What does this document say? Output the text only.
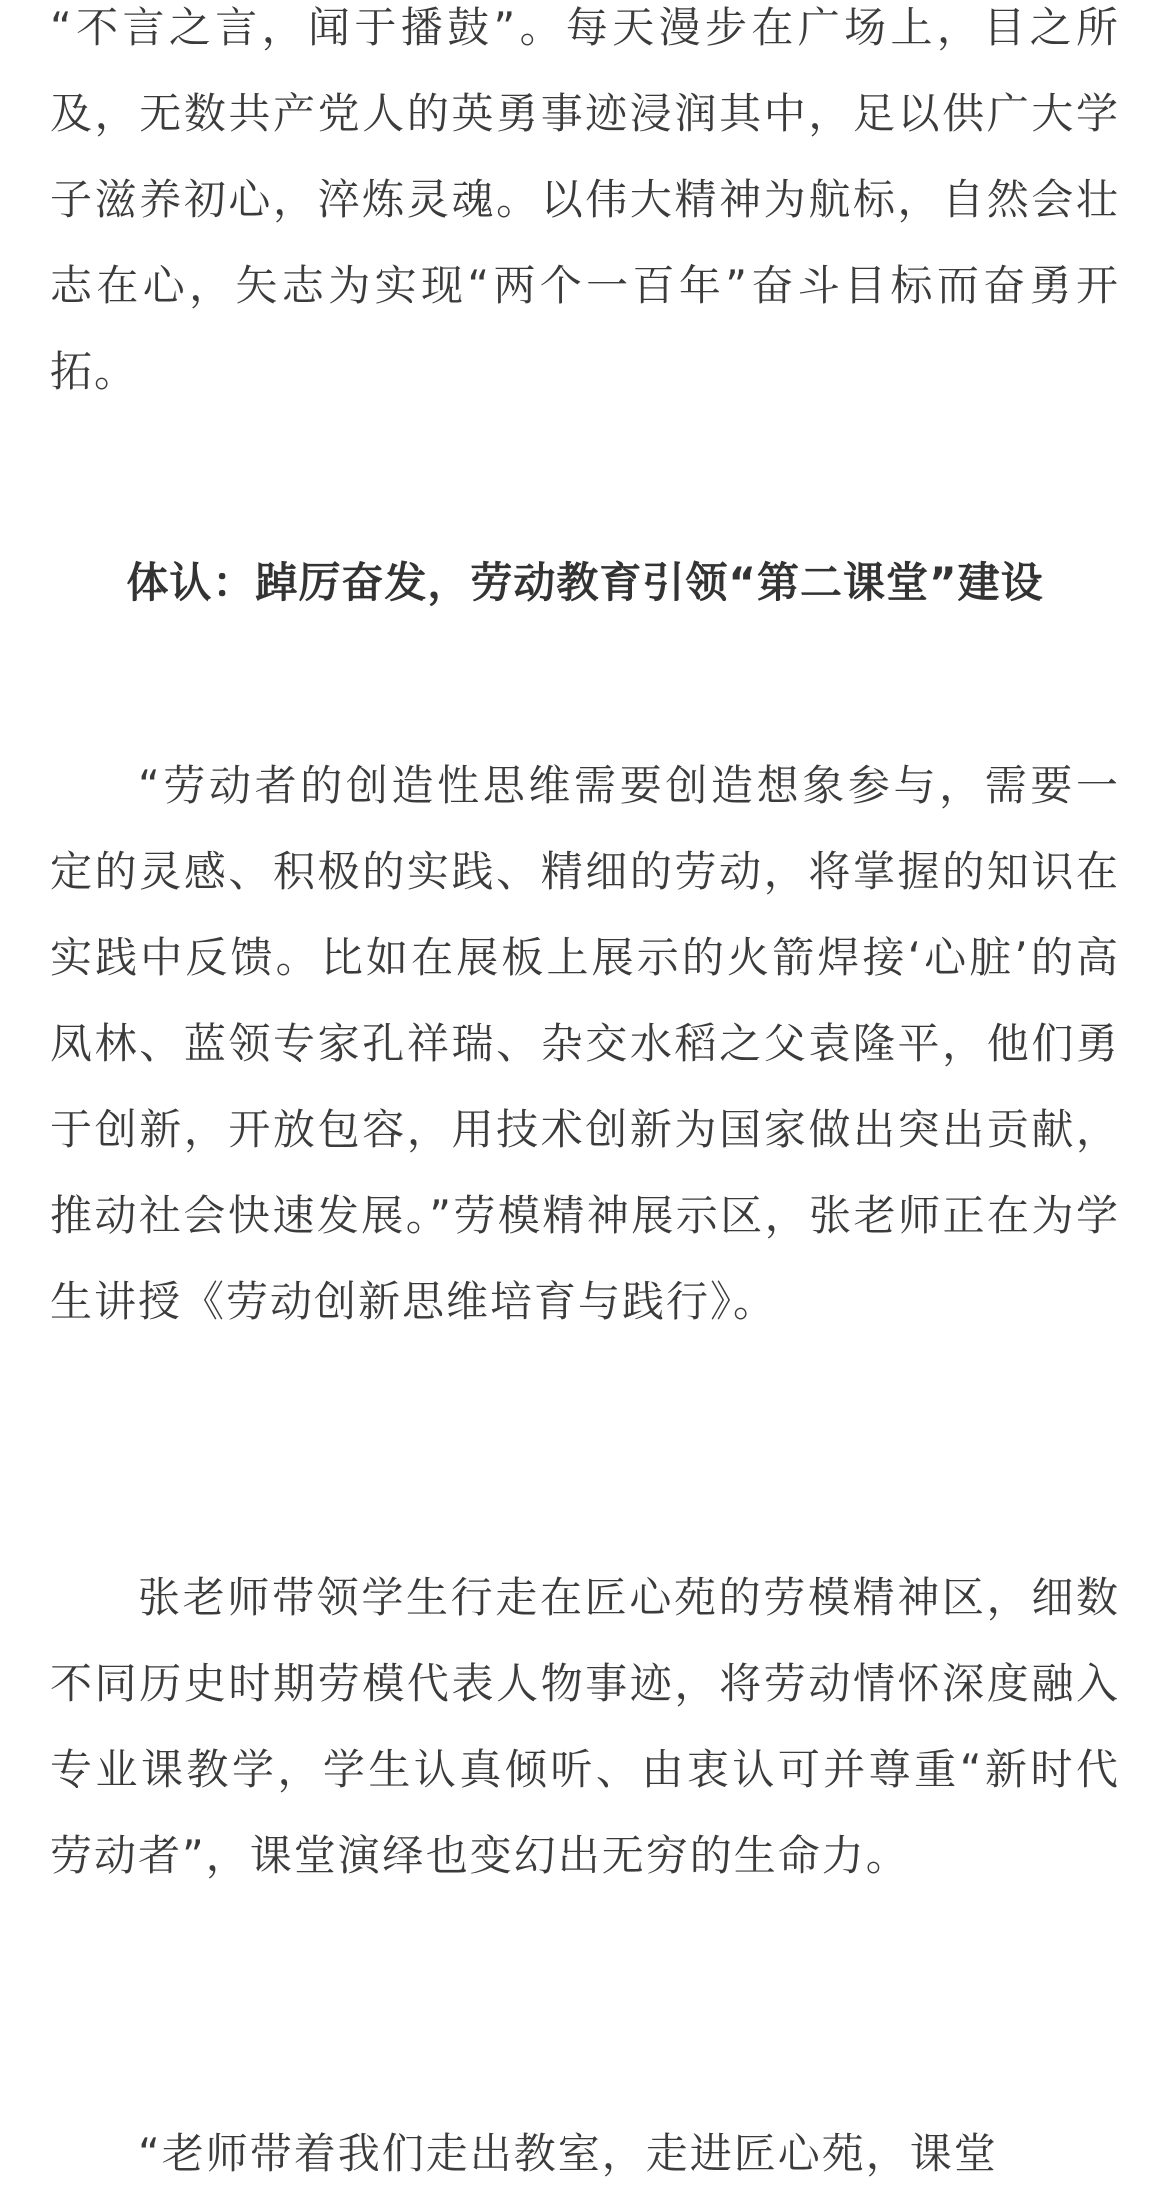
“不言之言，闻于播鼓”。每天漫步在广场上，目之所及，无数共产党人的英勇事迹浸润其中，足以供广大学子滋养初心，淬炼灵魂。以伟大精神为航标，自然会壮志在心，矢志为实现“两个一百年”奋斗目标而奋勇开拓。

体认：踔厉奋发，劳动教育引领“第二课堂”建设

“劳动者的创造性思维需要创造想象参与，需要一定的灵感、积极的实践、精细的劳动，将掌握的知识在实践中反馈。比如在展板上展示的火箭焊接‘心脏’的高凤林、蓝领专家孔祥瑞、杂交水稻之父袁隆平，他们勇于创新，开放包容，用技术创新为国家做出突出贡献，推动社会快速发展。”劳模精神展示区，张老师正在为学生讲授《劳动创新思维培育与践行》。

张老师带领学生行走在匠心苑的劳模精神区，细数不同历史时期劳模代表人物事迹，将劳动情怀深度融入专业课教学，学生认真倾听、由衷认可并尊重“新时代劳动者”，课堂演绎也变幻出无穷的生命力。

“老师带着我们走出教室，走进匠心苑，课堂
